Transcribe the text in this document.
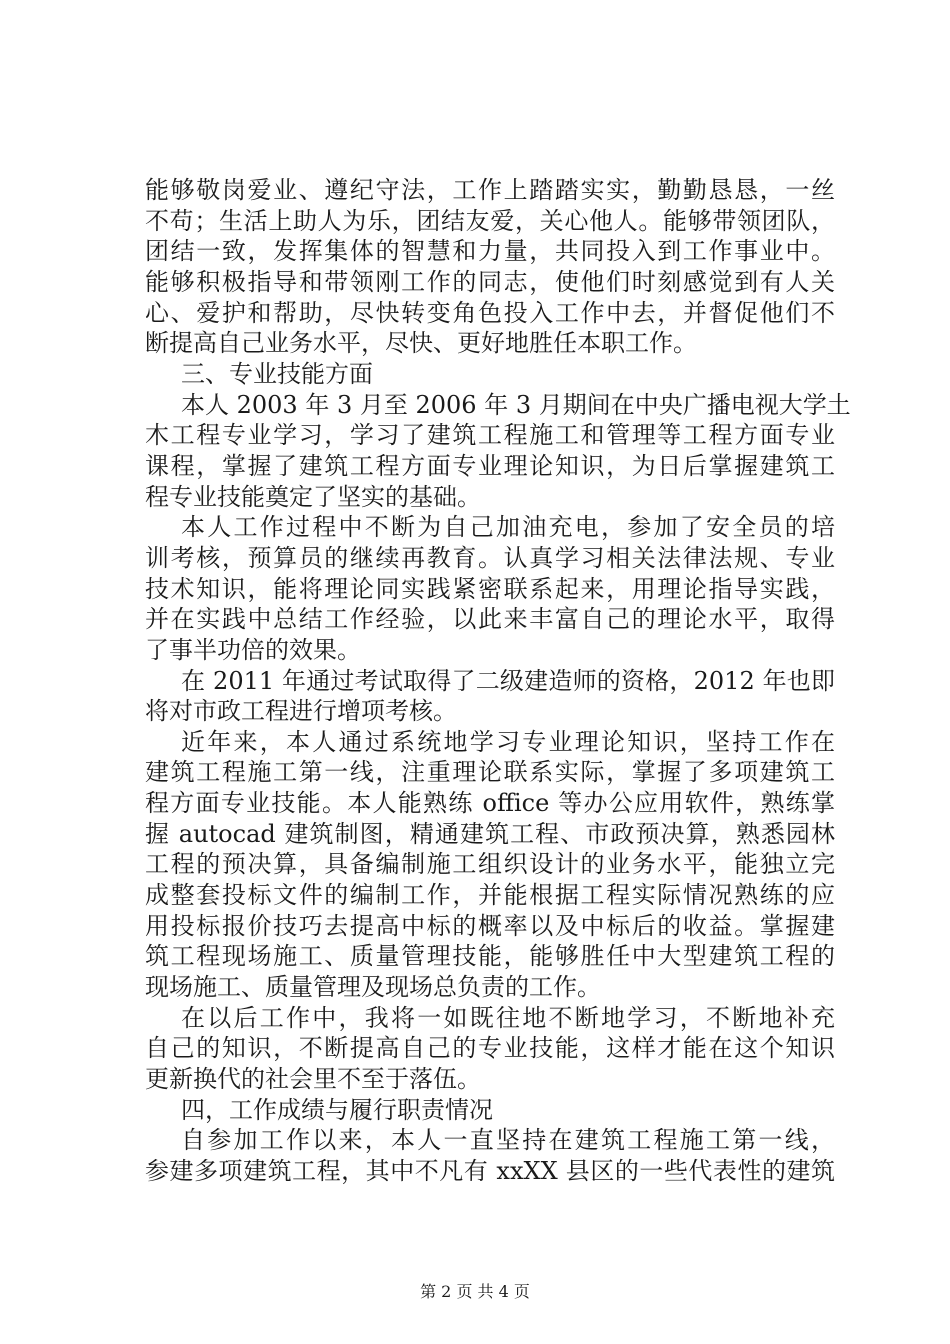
能够敬岗爱业、遵纪守法，工作上踏踏实实，勤勤恳恳，一丝
不苟；生活上助人为乐，团结友爱，关心他人。能够带领团队，
团结一致，发挥集体的智慧和力量，共同投入到工作事业中。
能够积极指导和带领刚工作的同志，使他们时刻感觉到有人关
心、爱护和帮助，尽快转变角色投入工作中去，并督促他们不
断提高自己业务水平，尽快、更好地胜任本职工作。
三、专业技能方面
本人 2003 年 3 月至 2006 年 3 月期间在中央广播电视大学土
木工程专业学习，学习了建筑工程施工和管理等工程方面专业
课程，掌握了建筑工程方面专业理论知识，为日后掌握建筑工
程专业技能奠定了坚实的基础。
本人工作过程中不断为自己加油充电，参加了安全员的培
训考核，预算员的继续再教育。认真学习相关法律法规、专业
技术知识，能将理论同实践紧密联系起来，用理论指导实践，
并在实践中总结工作经验，以此来丰富自己的理论水平，取得
了事半功倍的效果。
在 2011 年通过考试取得了二级建造师的资格，2012 年也即
将对市政工程进行增项考核。
近年来，本人通过系统地学习专业理论知识，坚持工作在
建筑工程施工第一线，注重理论联系实际，掌握了多项建筑工
程方面专业技能。本人能熟练 office 等办公应用软件，熟练掌
握 autocad 建筑制图，精通建筑工程、市政预决算，熟悉园林
工程的预决算，具备编制施工组织设计的业务水平，能独立完
成整套投标文件的编制工作，并能根据工程实际情况熟练的应
用投标报价技巧去提高中标的概率以及中标后的收益。掌握建
筑工程现场施工、质量管理技能，能够胜任中大型建筑工程的
现场施工、质量管理及现场总负责的工作。
在以后工作中，我将一如既往地不断地学习，不断地补充
自己的知识，不断提高自己的专业技能，这样才能在这个知识
更新换代的社会里不至于落伍。
四，工作成绩与履行职责情况
自参加工作以来，本人一直坚持在建筑工程施工第一线，
参建多项建筑工程，其中不凡有 xxXX 县区的一些代表性的建筑
第 2 页 共 4 页
